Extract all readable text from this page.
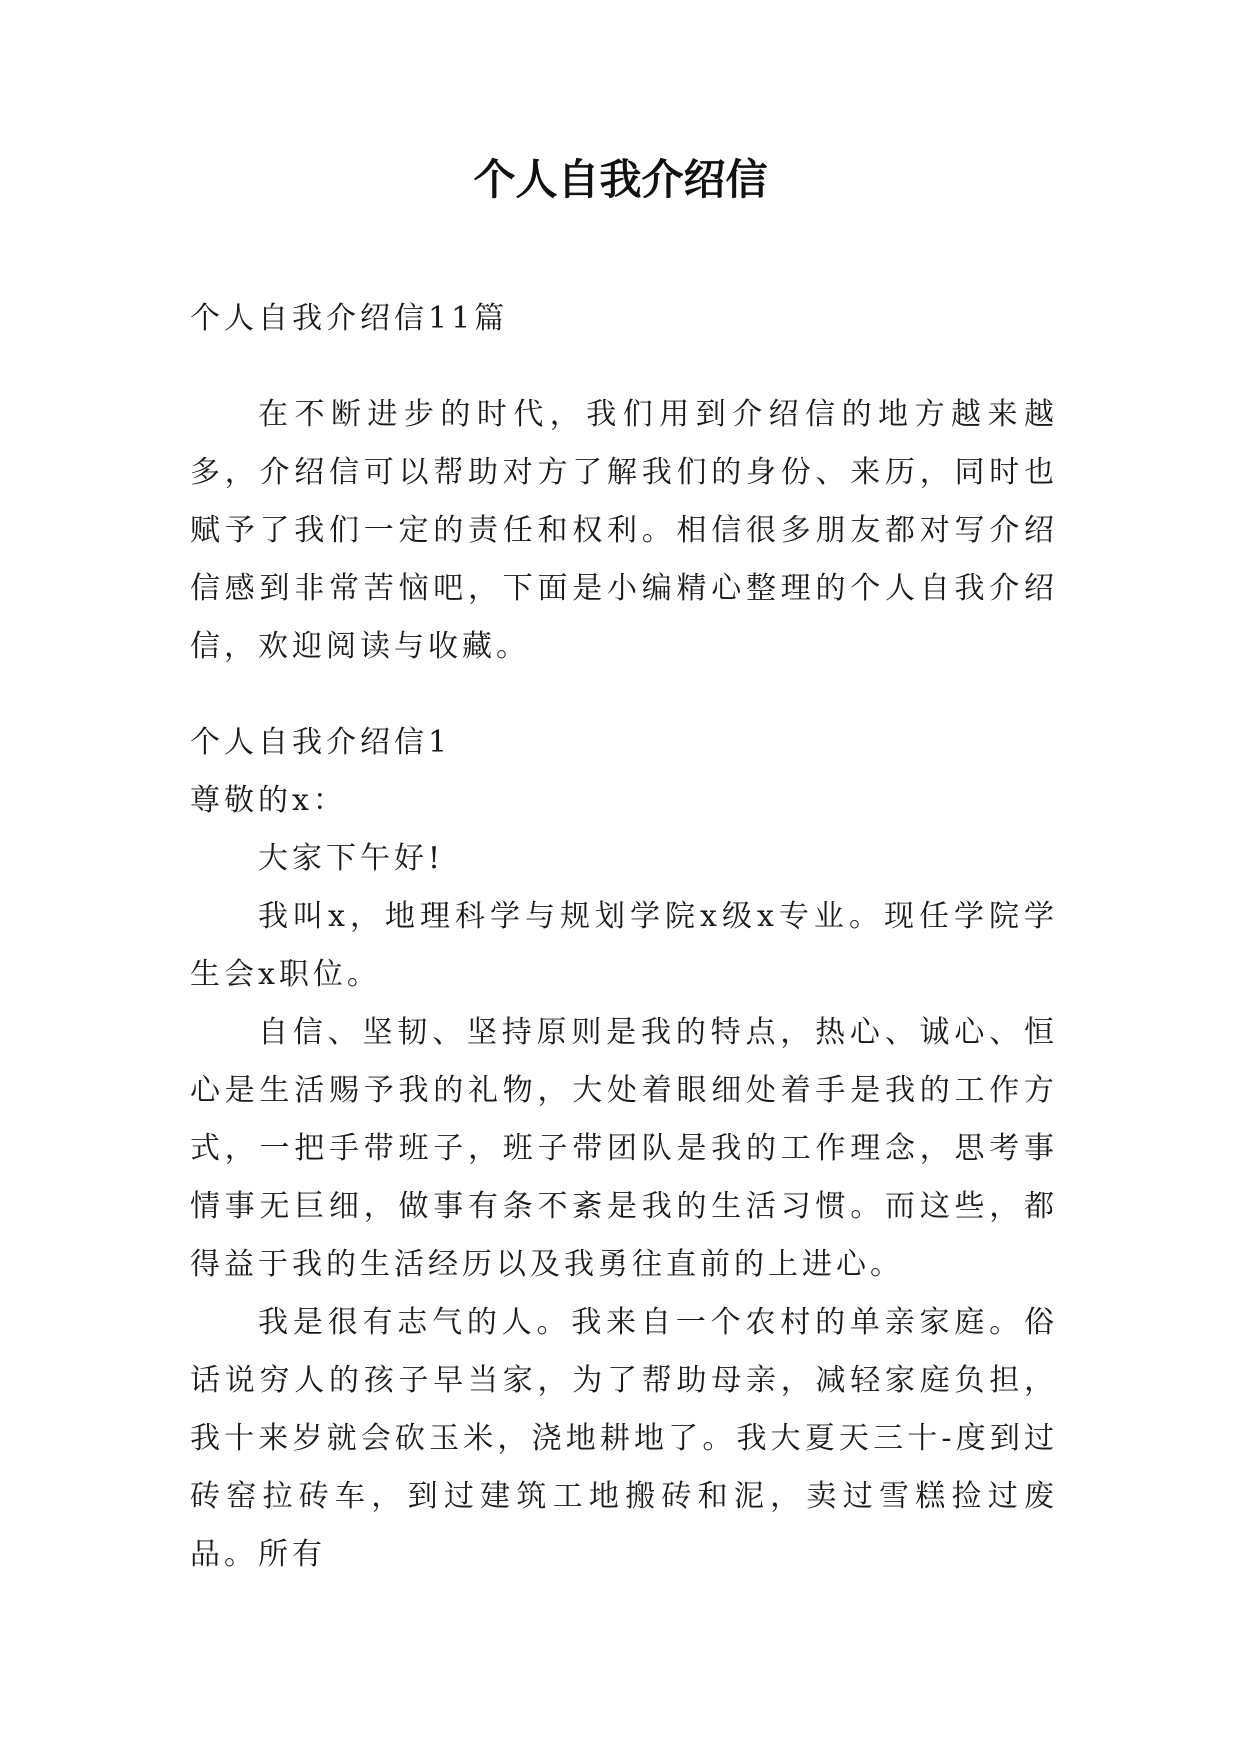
个人自我介绍信

个人自我介绍信11篇

在不断进步的时代，我们用到介绍信的地方越来越多，介绍信可以帮助对方了解我们的身份、来历，同时也赋予了我们一定的责任和权利。相信很多朋友都对写介绍信感到非常苦恼吧，下面是小编精心整理的个人自我介绍信，欢迎阅读与收藏。

个人自我介绍信1

尊敬的x：

大家下午好!

我叫x，地理科学与规划学院x级x专业。现任学院学生会x职位。

自信、坚韧、坚持原则是我的特点，热心、诚心、恒心是生活赐予我的礼物，大处着眼细处着手是我的工作方式，一把手带班子，班子带团队是我的工作理念，思考事情事无巨细，做事有条不紊是我的生活习惯。而这些，都得益于我的生活经历以及我勇往直前的上进心。

我是很有志气的人。我来自一个农村的单亲家庭。俗话说穷人的孩子早当家，为了帮助母亲，减轻家庭负担，我十来岁就会砍玉米，浇地耕地了。我大夏天三十-度到过砖窑拉砖车，到过建筑工地搬砖和泥，卖过雪糕捡过废品。所有
